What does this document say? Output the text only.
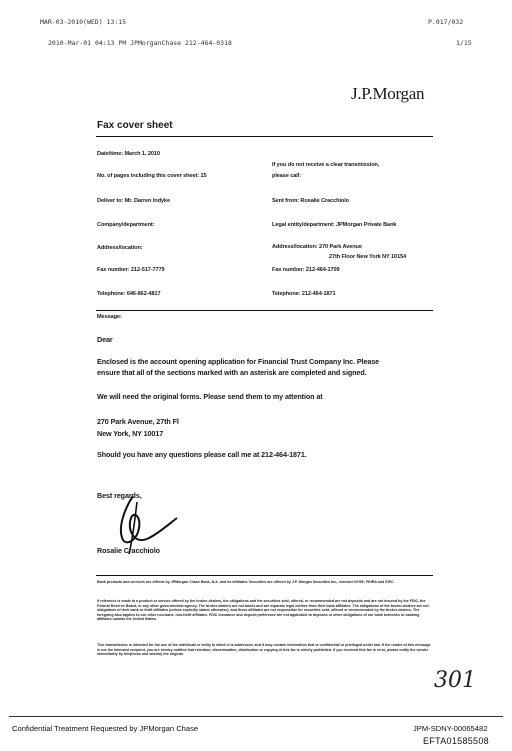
MAR-03-2010(WED) 13:15	P.017/032
2010-Mar-01 04:13 PM JPMorganChase 212-464-0318	1/15
J.P.Morgan
Fax cover sheet
Date/time: March 1, 2010
No. of pages including this cover sheet: 15
Deliver to: Mr. Darren Indyke
Company/department:
Address/location:
Fax number: 212-517-7779
Telephone: 646-862-4817
If you do not receive a clear transmission,
please call:
Sent from: Rosalie Cracchiolo
Legal entity/department: JPMorgan Private Bank
Address/location: 270 Park Avenue
27th Floor New York NY 10154
Fax number: 212-464-1709
Telephone: 212-464-1871
Message:
Dear
Enclosed is the account opening application for Financial Trust Company Inc. Please
ensure that all of the sections marked with an asterisk are completed and signed.
We will need the original forms. Please send them to my attention at
270 Park Avenue, 27th Fl
New York, NY 10017
Should you have any questions please call me at 212-464-1871.
Best regards,
Rosalie Cracchiolo
Bank products and services are offered by JPMorgan Chase Bank, N.A. and its affiliates. Securities are offered by J.P. Morgan Securities Inc., member NYSE, FINRA and SIPC.
If reference is made to a product or service offered by the broker-dealers, the obligations and the securities sold, offered, or recommended are not deposits and are not insured by the FDIC, the Federal Reserve Board, or any other governmental agency. The broker-dealers are not banks and are separate legal entities from their bank affiliates. The obligations of the broker-dealers are not obligations of their bank or thrift affiliates (unless explicitly stated otherwise), and these affiliates are not responsible for securities sold, offered or recommended by the broker-dealers. The foregoing also applies to our other non-bank, non-thrift affiliates. FDIC insurance and deposit preference are not applicable to deposits or other obligations of our bank branches or banking affiliates outside the United States.
This transmission is intended for the use of the individual or entity to which it is addressed, and it may contain information that is confidential or privileged under law. If the reader of this message is not the intended recipient, you are hereby notified that retention, dissemination, distribution or copying of this fax is strictly prohibited. If you received this fax in error, please notify the sender immediately by telephone and destroy the original.
301
Confidential Treatment Requested by JPMorgan Chase	JPM-SDNY-00065482
EFTA01585508
